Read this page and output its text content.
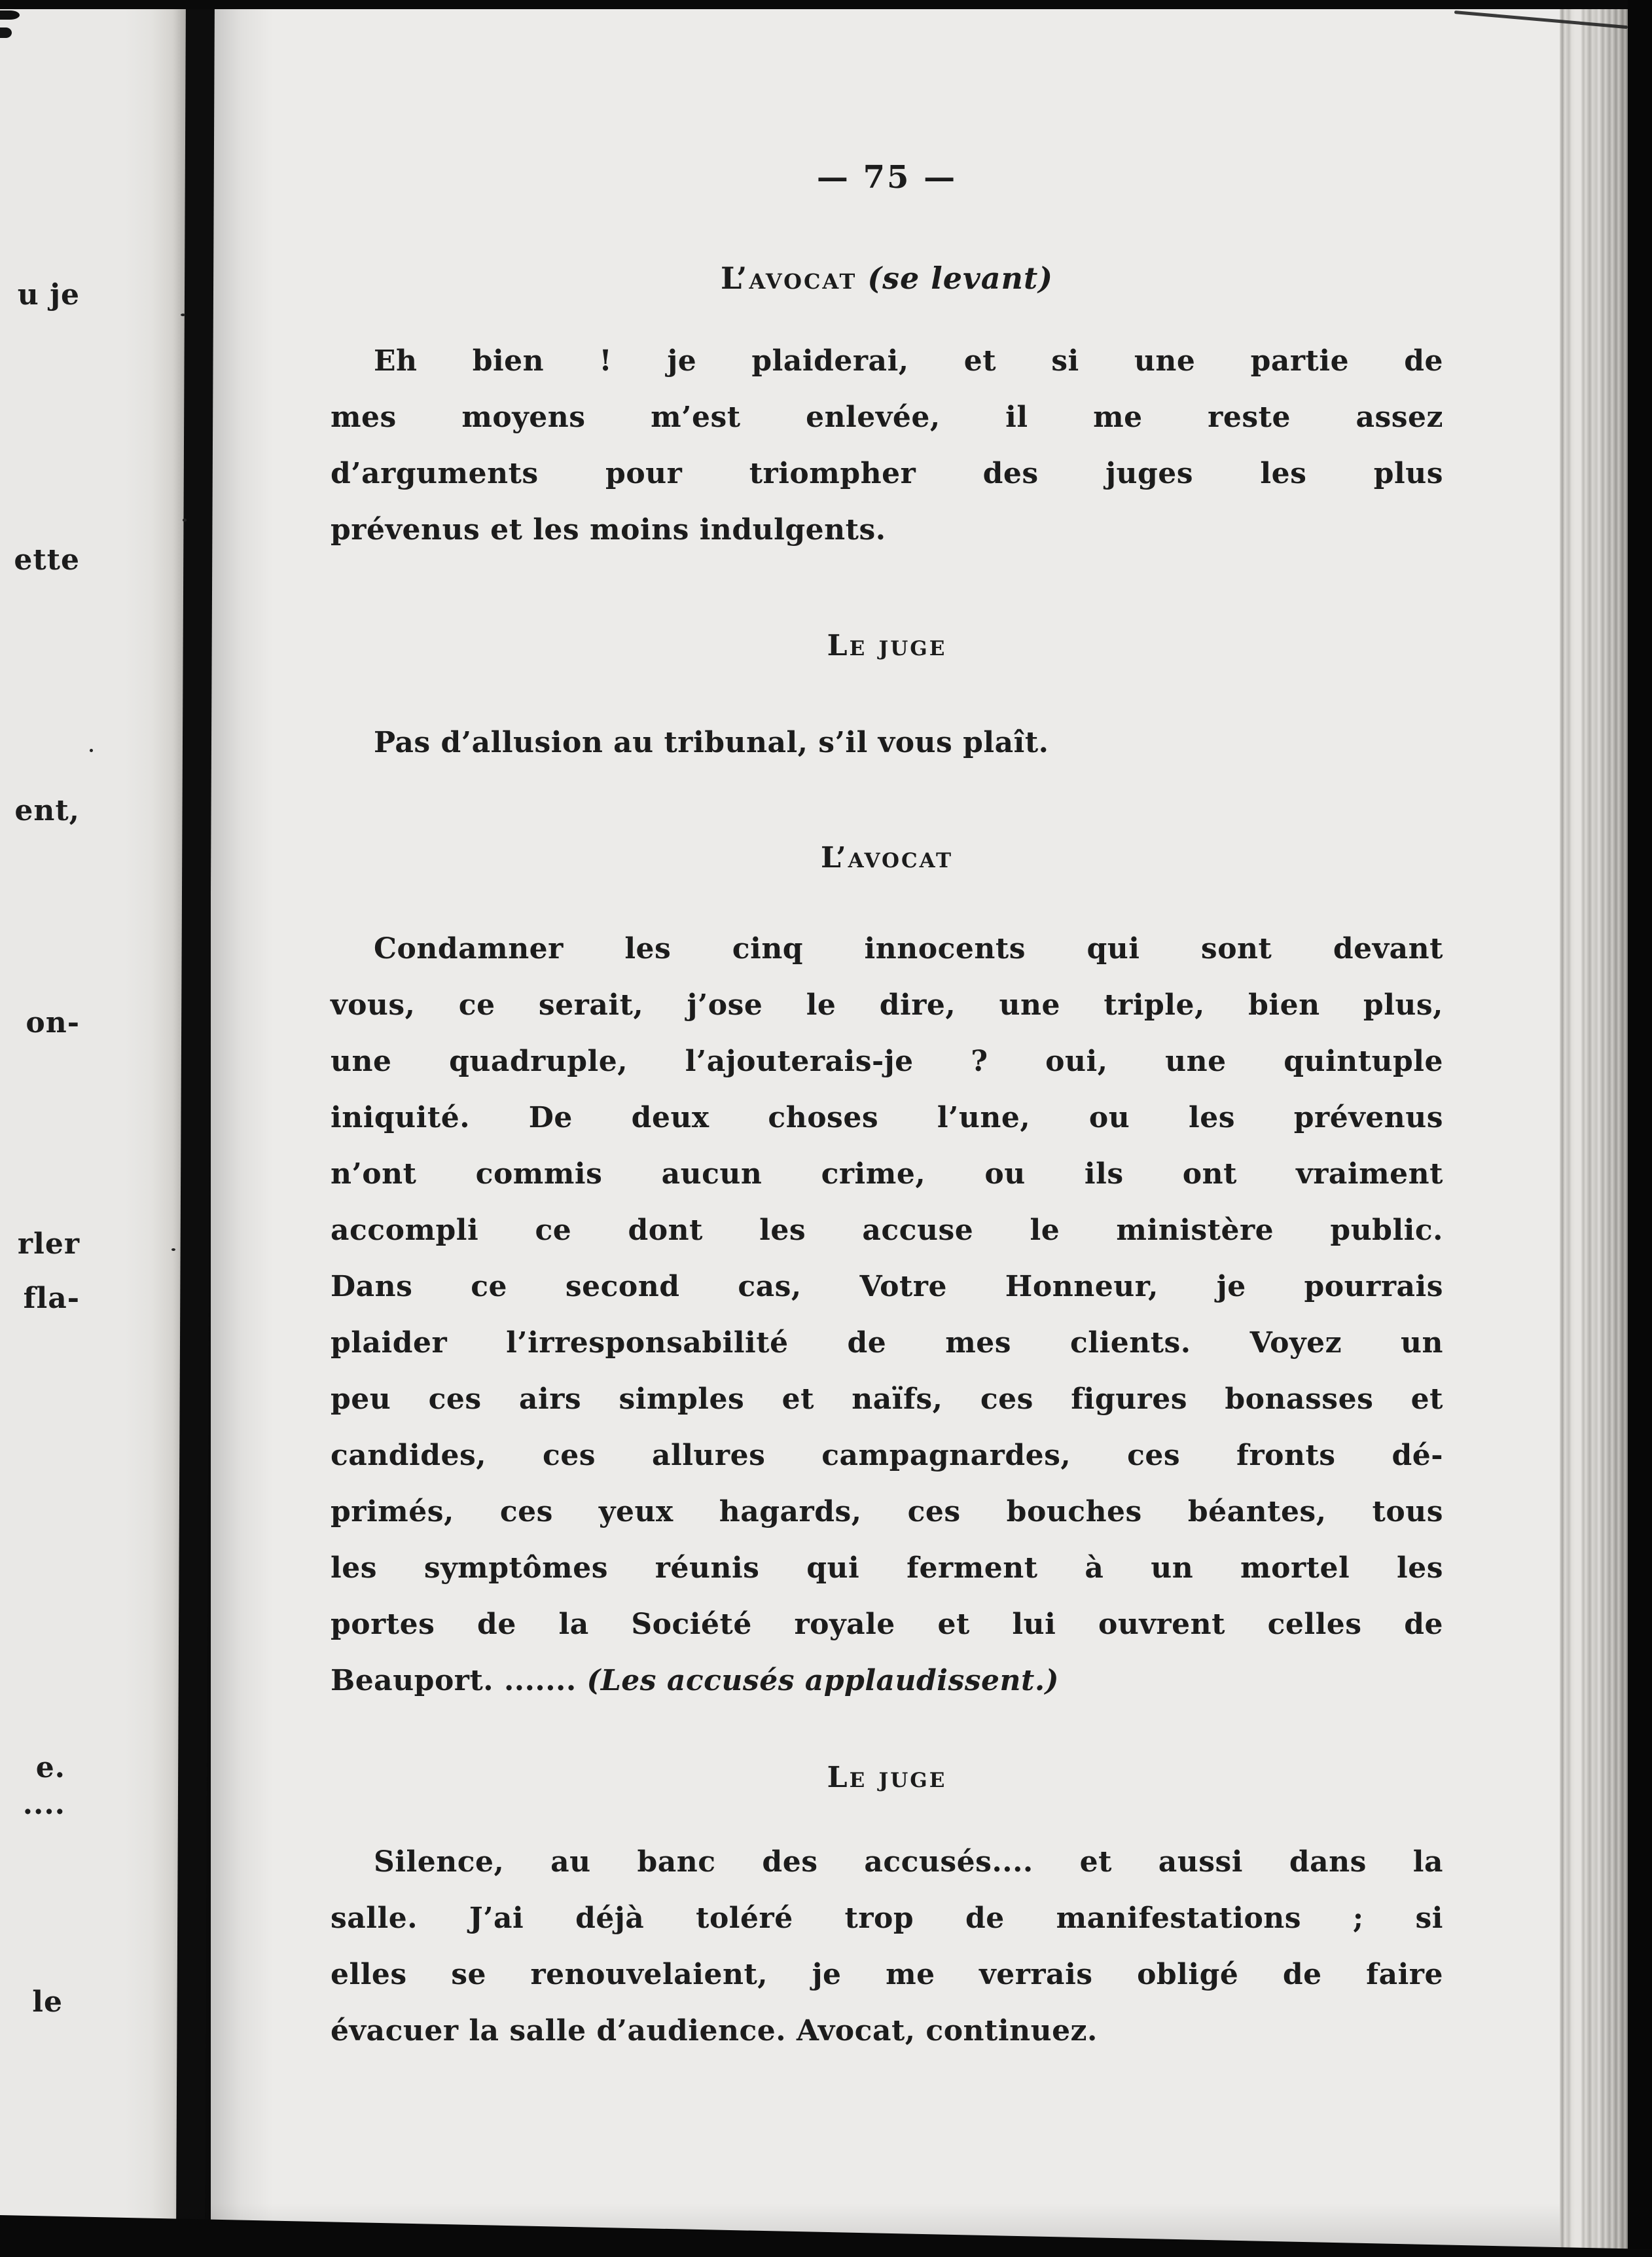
u je
ette
ent,
on-
rler
fla-
e. ....
le
— 75 —
L’avocat (se levant)
Eh bien ! je plaiderai, et si une partie de
mes moyens m’est enlevée, il me reste assez
d’arguments pour triompher des juges les plus
prévenus et les moins indulgents.
Le juge
Pas d’allusion au tribunal, s’il vous plaît.
L’avocat
Condamner les cinq innocents qui sont devant
vous, ce serait, j’ose le dire, une triple, bien plus,
une quadruple, l’ajouterais-je ? oui, une quintuple
iniquité. De deux choses l’une, ou les prévenus
n’ont commis aucun crime, ou ils ont vraiment
accompli ce dont les accuse le ministère public.
Dans ce second cas, Votre Honneur, je pourrais
plaider l’irresponsabilité de mes clients. Voyez un
peu ces airs simples et naïfs, ces figures bonasses et
candides, ces allures campagnardes, ces fronts dé-
primés, ces yeux hagards, ces bouches béantes, tous
les symptômes réunis qui ferment à un mortel les
portes de la Société royale et lui ouvrent celles de
Beauport. ....... (Les accusés applaudissent.)
Le juge
Silence, au banc des accusés.... et aussi dans la
salle. J’ai déjà toléré trop de manifestations ; si
elles se renouvelaient, je me verrais obligé de faire
évacuer la salle d’audience. Avocat, continuez.
